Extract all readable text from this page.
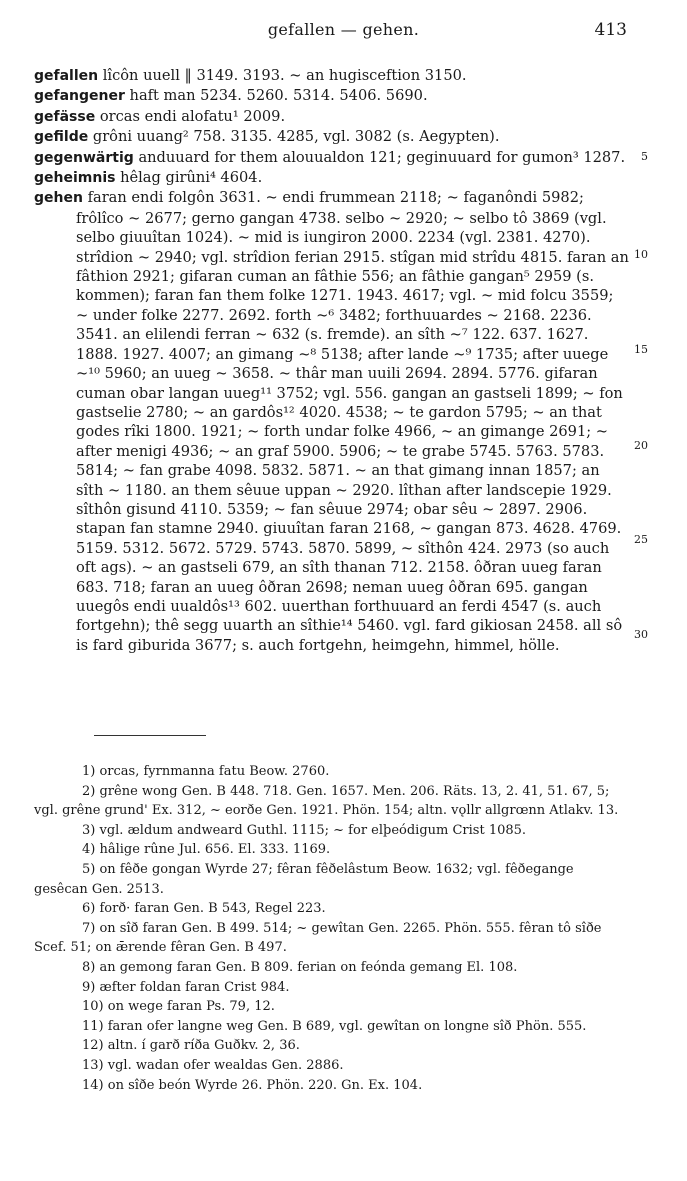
gefallen — gehen.	413

gefallen lîcôn uuell ‖ 3149. 3193. ~ an hugisceftion 3150.

gefangener haft man 5234. 5260. 5314. 5406. 5690.

gefässe orcas endi alofatu¹ 2009.

gefilde grôni uuang² 758. 3135. 4285, vgl. 3082 (s. Aegypten).

gegenwärtig anduuard for them alouualdon 121; geginuuard for gumon³ 1287.

geheimnis hêlag girûni⁴ 4604.

gehen faran endi folgôn 3631. ~ endi frummean 2118; ~ faganôndi 5982; frôlîco ~ 2677; gerno gangan 4738. selbo ~ 2920; ~ selbo tô 3869 (vgl. selbo giuuîtan 1024). ~ mid is iungiron 2000. 2234 (vgl. 2381. 4270). strîdion ~ 2940; vgl. strîdion ferian 2915. stîgan mid strîdu 4815. faran an fâthion 2921; gifaran cuman an fâthie 556; an fâthie gangan⁵ 2959 (s. kommen); faran fan them folke 1271. 1943. 4617; vgl. ~ mid folcu 3559; ~ under folke 2277. 2692. forth ~⁶ 3482; forthuuardes ~ 2168. 2236. 3541. an elilendi ferran ~ 632 (s. fremde). an sîth ~⁷ 122. 637. 1627. 1888. 1927. 4007; an gimang ~⁸ 5138; after lande ~⁹ 1735; after uuege ~¹⁰ 5960; an uueg ~ 3658. ~ thâr man uuili 2694. 2894. 5776. gifaran cuman obar langan uueg¹¹ 3752; vgl. 556. gangan an gastseli 1899; ~ fon gastselie 2780; ~ an gardôs¹² 4020. 4538; ~ te gardon 5795; ~ an that godes rîki 1800. 1921; ~ forth undar folke 4966, ~ an gimange 2691; ~ after menigi 4936; ~ an graf 5900. 5906; ~ te grabe 5745. 5763. 5783. 5814; ~ fan grabe 4098. 5832. 5871. ~ an that gimang innan 1857; an sîth ~ 1180. an them sêuue uppan ~ 2920. lîthan after landscepie 1929. sîthôn gisund 4110. 5359; ~ fan sêuue 2974; obar sêu ~ 2897. 2906. stapan fan stamne 2940. giuuîtan faran 2168, ~ gangan 873. 4628. 4769. 5159. 5312. 5672. 5729. 5743. 5870. 5899, ~ sîthôn 424. 2973 (so auch oft ags). ~ an gastseli 679, an sîth thanan 712. 2158. ôðran uueg faran 683. 718; faran an uueg ôðran 2698; neman uueg ôðran 695. gangan uuegôs endi uualdôs¹³ 602. uuerthan forthuuard an ferdi 4547 (s. auch fortgehn); thê segg uuarth an sîthie¹⁴ 5460. vgl. fard gikiosan 2458. all sô is fard giburida 3677; s. auch fortgehn, heimgehn, himmel, hölle.

5
10
15
20
25
30

1) orcas, fyrnmanna fatu Beow. 2760.

2) grêne wong Gen. B 448. 718. Gen. 1657. Men. 206. Räts. 13, 2. 41, 51. 67, 5; vgl. grêne grund' Ex. 312, ~ eorðe Gen. 1921. Phön. 154; altn. vǫllr allgrœnn Atlakv. 13.

3) vgl. ældum andweard Guthl. 1115; ~ for elþeódigum Crist 1085.

4) hâlige rûne Jul. 656. El. 333. 1169.

5) on fêðe gongan Wyrde 27; fêran fêðelâstum Beow. 1632; vgl. fêðegange gesêcan Gen. 2513.

6) forð· faran Gen. B 543, Regel 223.

7) on sîð faran Gen. B 499. 514; ~ gewîtan Gen. 2265. Phön. 555. fêran tô sîðe Scef. 51; on ǣrende fêran Gen. B 497.

8) an gemong faran Gen. B 809. ferian on feónda gemang El. 108.

9) æfter foldan faran Crist 984.

10) on wege faran Ps. 79, 12.

11) faran ofer langne weg Gen. B 689, vgl. gewîtan on longne sîð Phön. 555.

12) altn. í garð ríða Guðkv. 2, 36.

13) vgl. wadan ofer wealdas Gen. 2886.

14) on sîðe beón Wyrde 26. Phön. 220. Gn. Ex. 104.
